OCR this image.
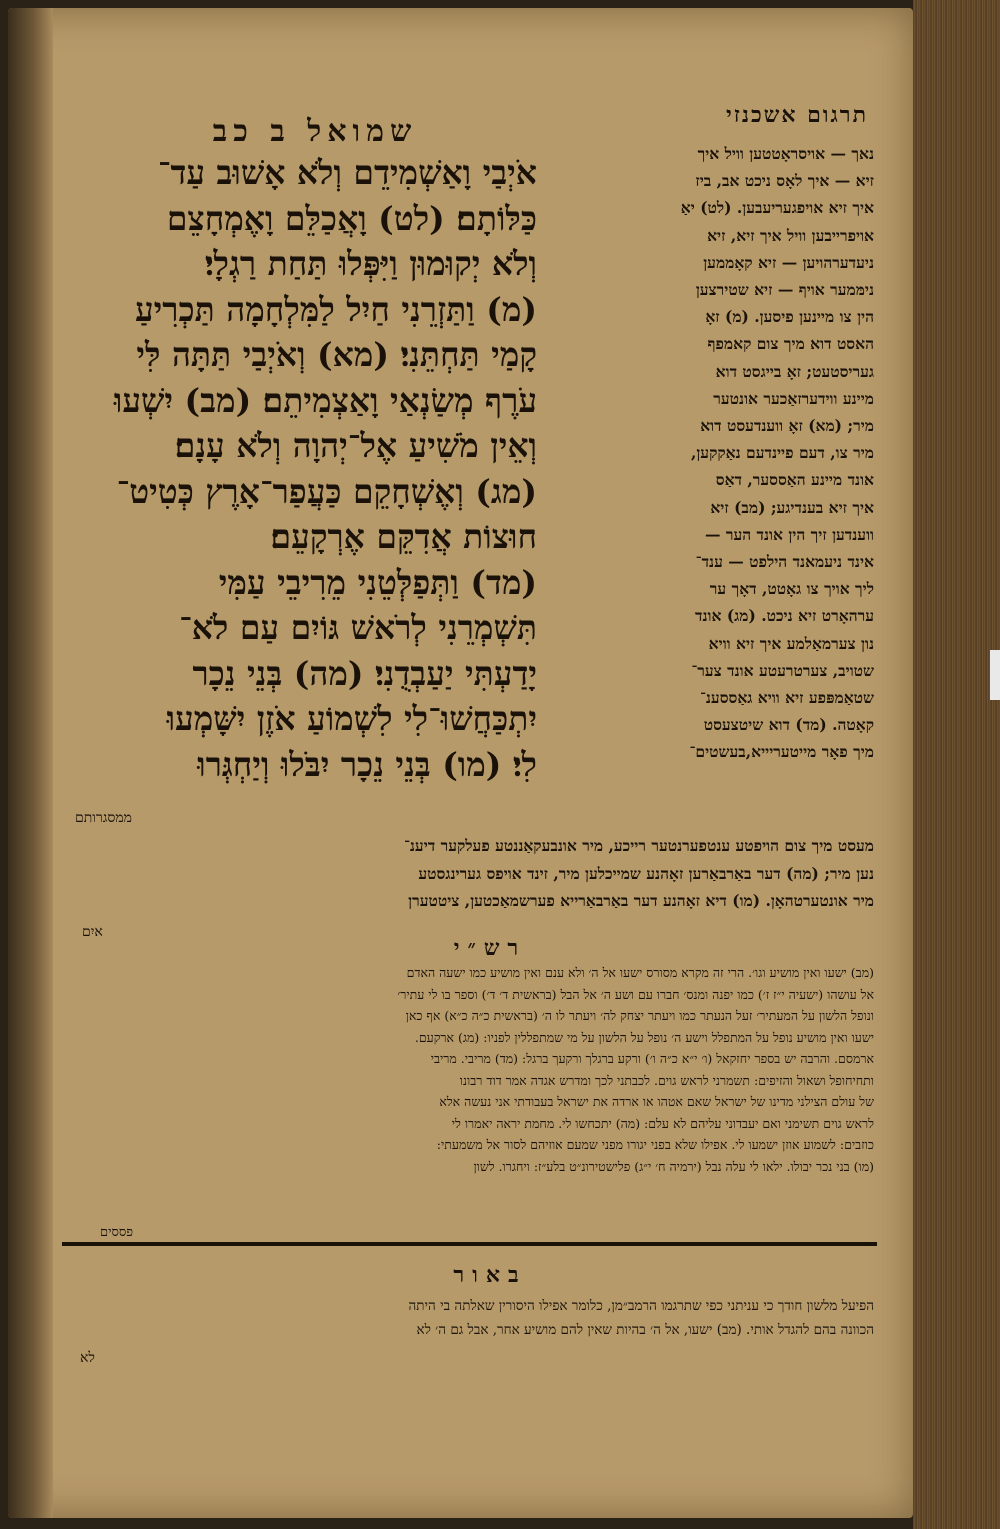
תרגום אשכנזי
שמואל ב כב
אֹיְבַי וָאַשְׁמִידֵם וְלֹא אָשׁוּב עַד־
כַּלּוֹתָם׃ (לט) וָאֲכַלֵּם וָאֶמְחָצֵם
וְלֹא יְקוּמוּן וַיִּפְּלוּ תַּחַת רַגְלָי׃
(מ) וַתַּזְרֵנִי חַיִל לַמִּלְחָמָה תַּכְרִיעַ
קָמַי תַּחְתֵּנִי׃ (מא) וְאֹיְבַי תַּתָּה לִּי
עֹרֶף מְשַׂנְאַי וָאַצְמִיתֵם׃ (מב) יִשְׁעוּ
וְאֵין מֹשִׁיעַ אֶל־יְהוָה וְלֹא עָנָם׃
(מג) וְאֶשְׁחָקֵם כַּעֲפַר־אָרֶץ כְּטִיט־
חוּצוֹת אֲדִקֵּם אֶרְקָעֵם׃
(מד) וַתְּפַלְּטֵנִי מֵרִיבֵי עַמִּי
תִּשְׁמְרֵנִי לְרֹאשׁ גּוֹיִם עַם לֹא־
יָדַעְתִּי יַעַבְדֻנִי׃ (מה) בְּנֵי נֵכָר
יִתְכַּחֲשׁוּ־לִי לִשְׁמוֹעַ אֹזֶן יִשָּׁמְעוּ
לִי׃ (מו) בְּנֵי נֵכָר יִבֹּלוּ וְיַחְגְּרוּ
ממסגרותם
נאך — אויסראָטטען וויל איך
זיא — איך לאָס ניכט אב, ביז
איך זיא אויפגעריעבען. (לט) יאַ
אויפרייבען וויל איך זיא, זיא
ניעדערהויען — זיא קאָממען
נימּמער אויף — זיא שטירצען
הין צו מיינען פיסען. (מ) זאָ
האסט דוא מיך צום קאמפף
געריסטעט; זאָ בייגסט דוא
מיינע ווידערזאַכער אונטער
מיר; (מא) זאָ ווענדעסט דוא
מיר צו, דעם פיינדעם נאַקקען,
אונד מיינע האַססער, דאַס
איך זיא בענדיגע; (מב) זיא
ווענדען זיך הין אונד הער —
אינד ניעמאנד הילפט — ענד־
ליך אויך צו גאָטט, דאָך ער
ערהאָרט זיא ניכט. (מג) אונד
נון צערמאַלמע איך זיא וויא
שטויב, צערטרעטע אונד צער־
שטאַמפּפע זיא וויא גאַססענ־
קאָטה. (מד) דוא שיטצעסט
מיך פאָר מייטעריייא,בעשטים־
מעסט מיך צום הויפטע ענטפערנטער רייכע, מיר אונבעקאַננטע פעלקער דיענ־
נען מיר; (מה) דער באַרבאַרען זאָהנע שמייכלען מיר, זינד אויפס גערינגסטע
מיר אונטערטהאָן. (מו) דיא זאָהנע דער באַרבאַרייא פערשמאַכטען, ציטטערן
איִם
רש״י
(מב) ישעו ואין מושיע וגו׳. הרי זה מקרא מסורס ישעו אל ה׳ ולא ענם ואין מושיע כמו ישעה האדם
אל עושהו (ישעיה י״ז ז׳) כמו יפנה ומנס׳ חברו עם ושע ה׳ אל הבל (בראשית ד׳ ד׳) וספר בו לי עתיר׳
ונופל הלשון על המעתיר׳ זעל הנעתר כמו ויעתר יצחק לה׳ ויעתר לו ה׳ (בראשית כ״ה כ״א) אף כאן
ישעו ואין מושיע נופל על המתפלל וישע ה׳ נופל על הלשון על מי שמתפללין לפניו: (מג) ארקעם.
ארמסם. והרבה יש בספר יחזקאל (ו׳ י״א כ״ה ו׳) ורקע ברגלך ורקעך ברגל: (מד) מריבי. מריבי
ותחיחופל ושאול והזיפים: תשמרני לראש גוים. לכבתני לכך ומדרש אגדה אמר דוד רבונו
של עולם הצילני מדינו של ישראל שאם אטהו או ארדה את ישראל בעבודתי אני נעשה אלא
לראש גוים תשימני ואם יעבדוני עליהם לא עלם: (מה) יתכחשו לי. מחמת יראה יאמרו לי
כוזבים: לשמוע אוזן ישמעו לי. אפילו שלא בפני יגורו מפני שמעם אוזיהם לסור אל משמעתי:
(מו) בני נכר יבולו. ילאו לי עלה נבל (ירמיה ח׳ י״ג) פלישטירונ״ט בלע״ז: ויחגרו. לשון
פססים
באור
הפיעל מלשון חודך כי עניתני כפי שתרגמו הרמב״מן, כלומר אפילו היסורין שאלתה בי היתה
הכוונה בהם להגדל אותי. (מב) ישעו, אל ה׳ בהיות שאין להם מושיע אחר, אבל גם ה׳ לא
לא
